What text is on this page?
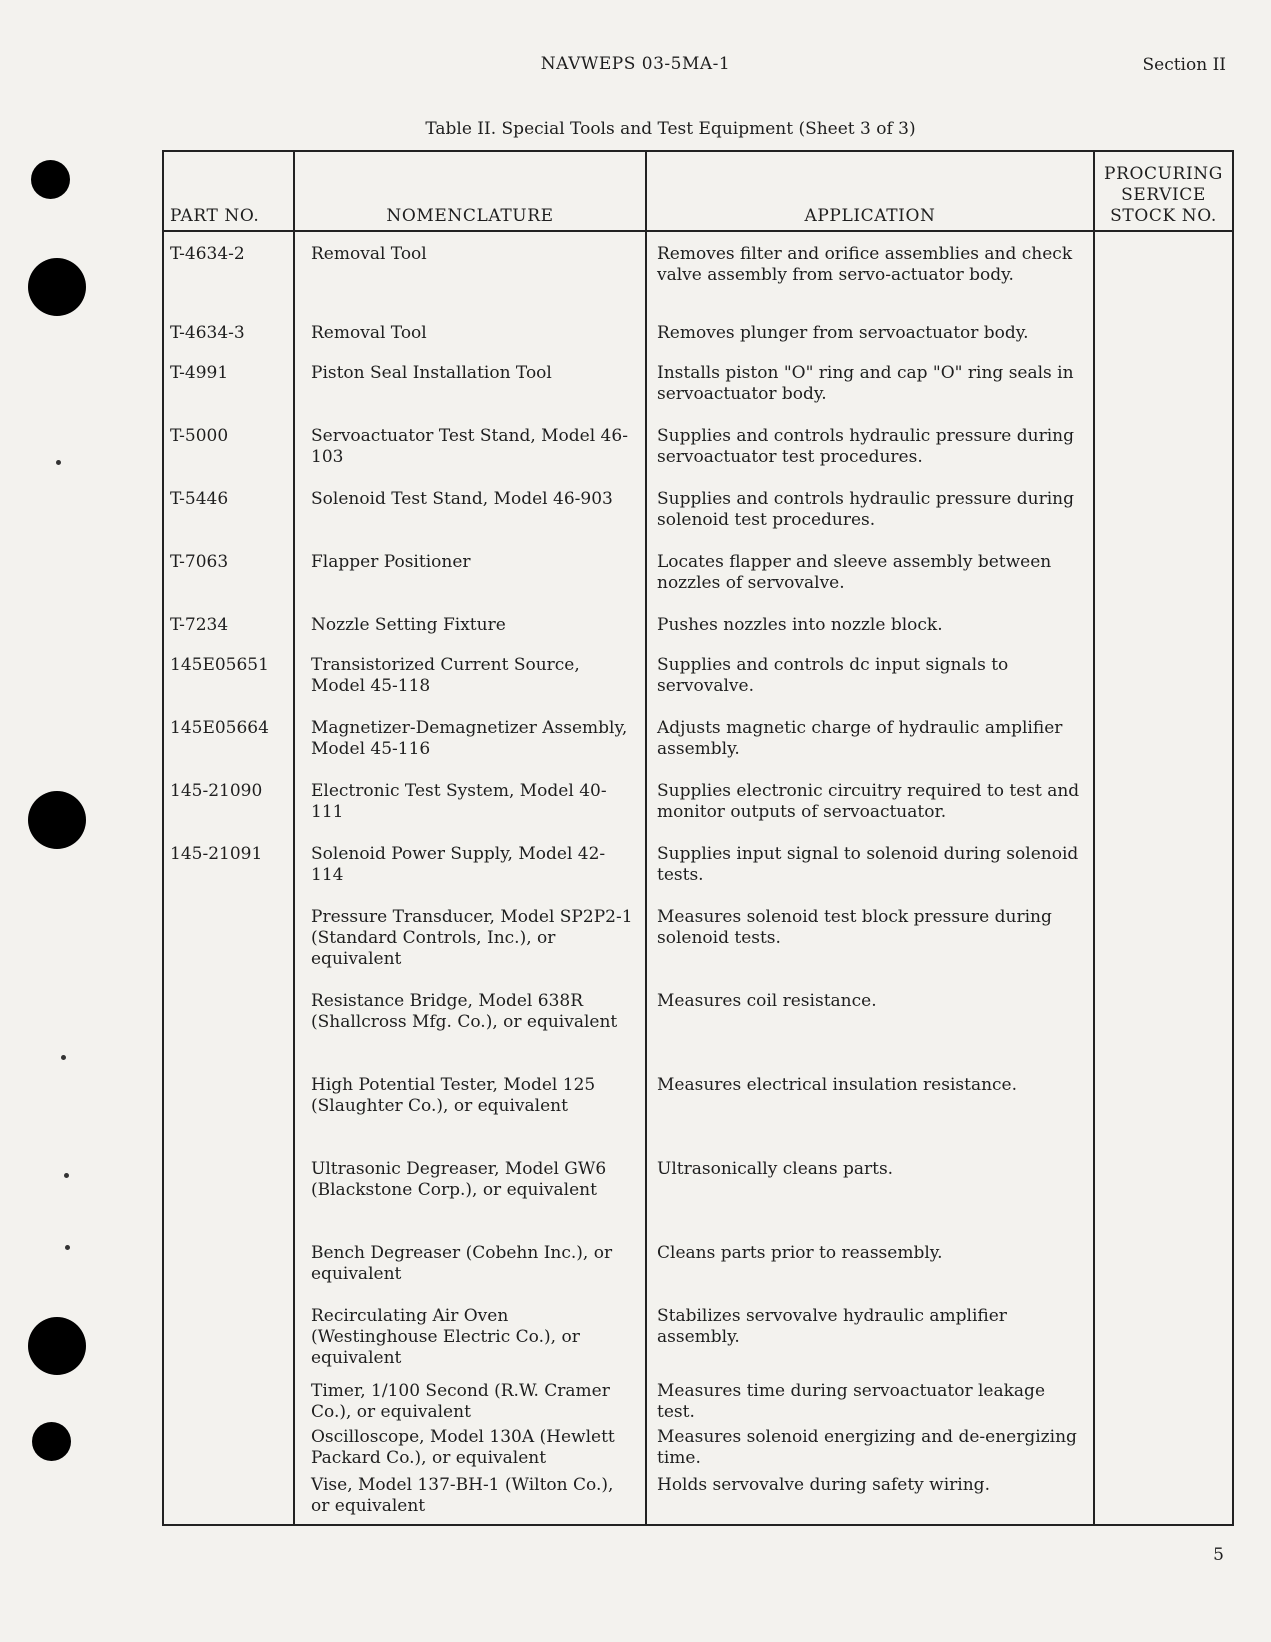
NAVWEPS 03-5MA-1	Section II
Table II. Special Tools and Test Equipment (Sheet 3 of 3)
PART NO.	NOMENCLATURE	APPLICATION	PROCURING
SERVICE
STOCK NO.
T-4634-2	Removal Tool	Removes filter and orifice assemblies and check valve assembly from servo-actuator body.	
T-4634-3	Removal Tool	Removes plunger from servoactuator body.	
T-4991	Piston Seal Installation Tool	Installs piston "O" ring and cap "O" ring seals in servoactuator body.	
T-5000	Servoactuator Test Stand, Model 46-103	Supplies and controls hydraulic pressure during servoactuator test procedures.	
T-5446	Solenoid Test Stand, Model 46-903	Supplies and controls hydraulic pressure during solenoid test procedures.	
T-7063	Flapper Positioner	Locates flapper and sleeve assembly between nozzles of servovalve.	
T-7234	Nozzle Setting Fixture	Pushes nozzles into nozzle block.	
145E05651	Transistorized Current Source, Model 45-118	Supplies and controls dc input signals to servovalve.	
145E05664	Magnetizer-Demagnetizer Assembly, Model 45-116	Adjusts magnetic charge of hydraulic amplifier assembly.	
145-21090	Electronic Test System, Model 40-111	Supplies electronic circuitry required to test and monitor outputs of servoactuator.	
145-21091	Solenoid Power Supply, Model 42-114	Supplies input signal to solenoid during solenoid tests.	
	Pressure Transducer, Model SP2P2-1 (Standard Controls, Inc.), or equivalent	Measures solenoid test block pressure during solenoid tests.	
	Resistance Bridge, Model 638R (Shallcross Mfg. Co.), or equivalent	Measures coil resistance.	
	High Potential Tester, Model 125 (Slaughter Co.), or equivalent	Measures electrical insulation resistance.	
	Ultrasonic Degreaser, Model GW6 (Blackstone Corp.), or equivalent	Ultrasonically cleans parts.	
	Bench Degreaser (Cobehn Inc.), or equivalent	Cleans parts prior to reassembly.	
	Recirculating Air Oven (Westinghouse Electric Co.), or equivalent	Stabilizes servovalve hydraulic amplifier assembly.	
	Timer, 1/100 Second (R.W. Cramer Co.), or equivalent	Measures time during servoactuator leakage test.	
	Oscilloscope, Model 130A (Hewlett Packard Co.), or equivalent	Measures solenoid energizing and de-energizing time.	
	Vise, Model 137-BH-1 (Wilton Co.), or equivalent	Holds servovalve during safety wiring.	
5
